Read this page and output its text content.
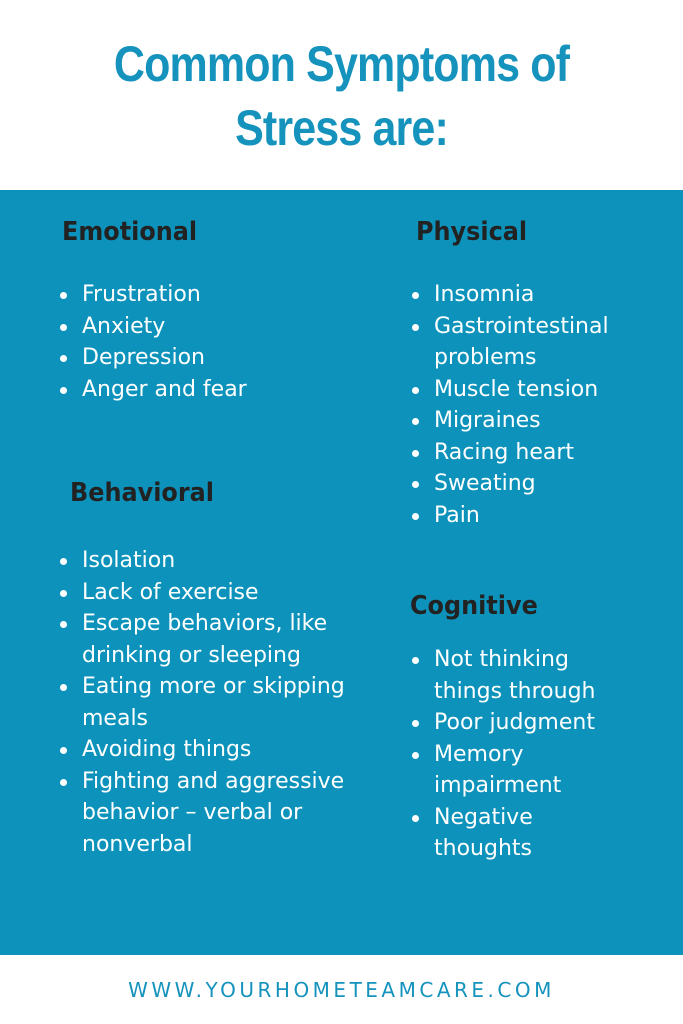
Common Symptoms of
Stress are:
Emotional
Frustration
Anxiety
Depression
Anger and fear
Behavioral
Isolation
Lack of exercise
Escape behaviors, like drinking or sleeping
Eating more or skipping meals
Avoiding things
Fighting and aggressive behavior – verbal or nonverbal
Physical
Insomnia
Gastrointestinal problems
Muscle tension
Migraines
Racing heart
Sweating
Pain
Cognitive
Not thinking things through
Poor judgment
Memory impairment
Negative thoughts
WWW.YOURHOMETEAMCARE.COM
